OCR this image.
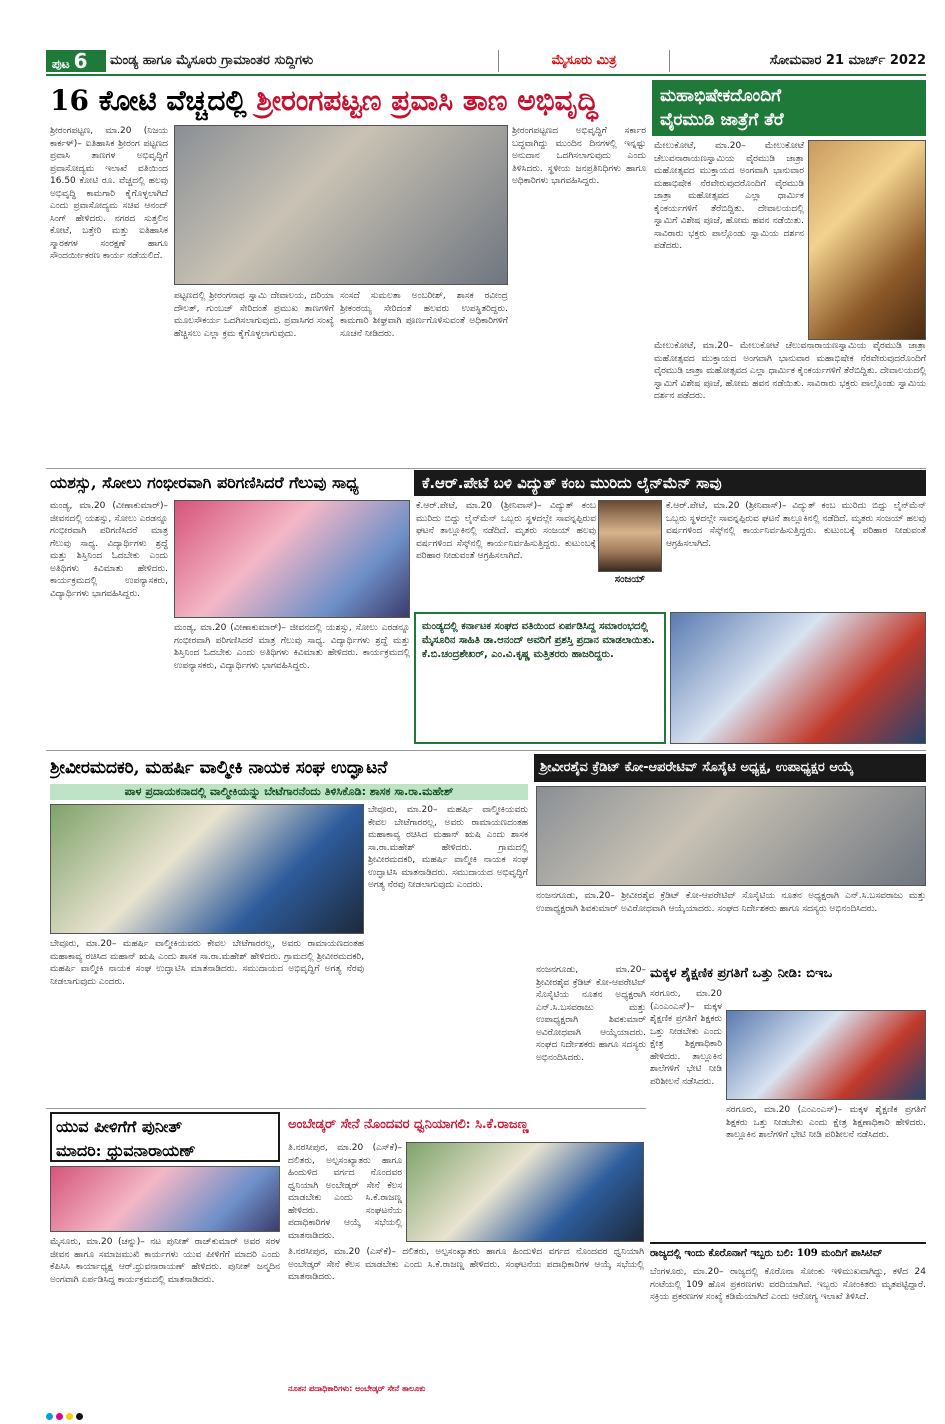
ಪುಟ 6	ಮಂಡ್ಯ ಹಾಗೂ ಮೈಸೂರು ಗ್ರಾಮಾಂತರ ಸುದ್ದಿಗಳು	ಮೈಸೂರು ಮಿತ್ರ	ಸೋಮವಾರ 21 ಮಾರ್ಚ್ 2022
16 ಕೋಟಿ ವೆಚ್ಚದಲ್ಲಿ ಶ್ರೀರಂಗಪಟ್ಟಣ ಪ್ರವಾಸಿ ತಾಣ ಅಭಿವೃದ್ಧಿ
ಶ್ರೀರಂಗಪಟ್ಟಣ, ಮಾ.20 (ನಿಜಯ ಕಾರ್ಕಳ್‌)– ಐತಿಹಾಸಿಕ ಶ್ರೀರಂಗ ಪಟ್ಟಣದ ಪ್ರವಾಸಿ ತಾಣಗಳ ಅಭಿವೃದ್ಧಿಗೆ ಪ್ರವಾಸೋದ್ಯಮ ಇಲಾಖೆ ವತಿಯಿಂದ 16.50 ಕೋಟಿ ರೂ. ವೆಚ್ಚದಲ್ಲಿ ಹಲವು ಅಭಿವೃದ್ಧಿ ಕಾಮಗಾರಿ ಕೈಗೊಳ್ಳಲಾಗಿದೆ ಎಂದು ಪ್ರವಾಸೋದ್ಯಮ ಸಚಿವ ಆನಂದ್ ಸಿಂಗ್ ಹೇಳಿದರು. ನಗರದ ಸುತ್ತಲಿನ ಕೋಟೆ, ಬತ್ತೇರಿ ಮತ್ತು ಐತಿಹಾಸಿಕ ಸ್ಮಾರಕಗಳ ಸಂರಕ್ಷಣೆ ಹಾಗೂ ಸೌಂದರ್ಯೀಕರಣ ಕಾರ್ಯ ನಡೆಯಲಿದೆ.
ಶ್ರೀರಂಗಪಟ್ಟಣದ ಅಭಿವೃದ್ಧಿಗೆ ಸರ್ಕಾರ ಬದ್ಧವಾಗಿದ್ದು ಮುಂದಿನ ದಿನಗಳಲ್ಲಿ ಇನ್ನಷ್ಟು ಅನುದಾನ ಒದಗಿಸಲಾಗುವುದು ಎಂದು ತಿಳಿಸಿದರು. ಸ್ಥಳೀಯ ಜನಪ್ರತಿನಿಧಿಗಳು ಹಾಗೂ ಅಧಿಕಾರಿಗಳು ಭಾಗವಹಿಸಿದ್ದರು.
ಪಟ್ಟಣದಲ್ಲಿ ಶ್ರೀರಂಗನಾಥ ಸ್ವಾಮಿ ದೇವಾಲಯ, ದರಿಯಾ ದೌಲತ್, ಗುಂಬಜ್ ಸೇರಿದಂತೆ ಪ್ರಮುಖ ತಾಣಗಳಿಗೆ ಮೂಲಸೌಕರ್ಯ ಒದಗಿಸಲಾಗುವುದು. ಪ್ರವಾಸಿಗರ ಸಂಖ್ಯೆ ಹೆಚ್ಚಿಸಲು ಎಲ್ಲಾ ಕ್ರಮ ಕೈಗೊಳ್ಳಲಾಗುವುದು.
ಸಂಸದೆ ಸುಮಲತಾ ಅಂಬರೀಶ್, ಶಾಸಕ ರವೀಂದ್ರ ಶ್ರೀಕಂಠಯ್ಯ ಸೇರಿದಂತೆ ಹಲವರು ಉಪಸ್ಥಿತರಿದ್ದರು. ಕಾಮಗಾರಿ ಶೀಘ್ರವಾಗಿ ಪೂರ್ಣಗೊಳಿಸುವಂತೆ ಅಧಿಕಾರಿಗಳಿಗೆ ಸೂಚನೆ ನೀಡಿದರು.
ಮಹಾಭಿಷೇಕದೊಂದಿಗೆ
ವೈರಮುಡಿ ಜಾತ್ರೆಗೆ ತೆರೆ
ಮೇಲುಕೋಟೆ, ಮಾ.20– ಮೇಲುಕೋಟೆ ಚೆಲುವನಾರಾಯಣಸ್ವಾಮಿಯ ವೈರಮುಡಿ ಜಾತ್ರಾ ಮಹೋತ್ಸವದ ಮುಕ್ತಾಯದ ಅಂಗವಾಗಿ ಭಾನುವಾರ ಮಹಾಭಿಷೇಕ ನೆರವೇರುವುದರೊಂದಿಗೆ ವೈರಮುಡಿ ಜಾತ್ರಾ ಮಹೋತ್ಸವದ ಎಲ್ಲಾ ಧಾರ್ಮಿಕ ಕೈಂಕರ್ಯಗಳಿಗೆ ತೆರೆಬಿದ್ದಿತು. ದೇವಾಲಯದಲ್ಲಿ ಸ್ವಾಮಿಗೆ ವಿಶೇಷ ಪೂಜೆ, ಹೋಮ ಹವನ ನಡೆಯಿತು. ಸಾವಿರಾರು ಭಕ್ತರು ಪಾಲ್ಗೊಂಡು ಸ್ವಾಮಿಯ ದರ್ಶನ ಪಡೆದರು.
ಮೇಲುಕೋಟೆ, ಮಾ.20– ಮೇಲುಕೋಟೆ ಚೆಲುವನಾರಾಯಣಸ್ವಾಮಿಯ ವೈರಮುಡಿ ಜಾತ್ರಾ ಮಹೋತ್ಸವದ ಮುಕ್ತಾಯದ ಅಂಗವಾಗಿ ಭಾನುವಾರ ಮಹಾಭಿಷೇಕ ನೆರವೇರುವುದರೊಂದಿಗೆ ವೈರಮುಡಿ ಜಾತ್ರಾ ಮಹೋತ್ಸವದ ಎಲ್ಲಾ ಧಾರ್ಮಿಕ ಕೈಂಕರ್ಯಗಳಿಗೆ ತೆರೆಬಿದ್ದಿತು. ದೇವಾಲಯದಲ್ಲಿ ಸ್ವಾಮಿಗೆ ವಿಶೇಷ ಪೂಜೆ, ಹೋಮ ಹವನ ನಡೆಯಿತು. ಸಾವಿರಾರು ಭಕ್ತರು ಪಾಲ್ಗೊಂಡು ಸ್ವಾಮಿಯ ದರ್ಶನ ಪಡೆದರು.
ಯಶಸ್ಸು, ಸೋಲು ಗಂಭೀರವಾಗಿ ಪರಿಗಣಿಸಿದರೆ ಗೆಲುವು ಸಾಧ್ಯ
ಮಂಡ್ಯ, ಮಾ.20 (ವೀಣಾಕುಮಾರ್)– ಜೀವನದಲ್ಲಿ ಯಶಸ್ಸು, ಸೋಲು ಎರಡನ್ನೂ ಗಂಭೀರವಾಗಿ ಪರಿಗಣಿಸಿದರೆ ಮಾತ್ರ ಗೆಲುವು ಸಾಧ್ಯ. ವಿದ್ಯಾರ್ಥಿಗಳು ಶ್ರದ್ಧೆ ಮತ್ತು ಶಿಸ್ತಿನಿಂದ ಓದಬೇಕು ಎಂದು ಅತಿಥಿಗಳು ಕಿವಿಮಾತು ಹೇಳಿದರು. ಕಾರ್ಯಕ್ರಮದಲ್ಲಿ ಉಪನ್ಯಾಸಕರು, ವಿದ್ಯಾರ್ಥಿಗಳು ಭಾಗವಹಿಸಿದ್ದರು.
ಮಂಡ್ಯ, ಮಾ.20 (ವೀಣಾಕುಮಾರ್)– ಜೀವನದಲ್ಲಿ ಯಶಸ್ಸು, ಸೋಲು ಎರಡನ್ನೂ ಗಂಭೀರವಾಗಿ ಪರಿಗಣಿಸಿದರೆ ಮಾತ್ರ ಗೆಲುವು ಸಾಧ್ಯ. ವಿದ್ಯಾರ್ಥಿಗಳು ಶ್ರದ್ಧೆ ಮತ್ತು ಶಿಸ್ತಿನಿಂದ ಓದಬೇಕು ಎಂದು ಅತಿಥಿಗಳು ಕಿವಿಮಾತು ಹೇಳಿದರು. ಕಾರ್ಯಕ್ರಮದಲ್ಲಿ ಉಪನ್ಯಾಸಕರು, ವಿದ್ಯಾರ್ಥಿಗಳು ಭಾಗವಹಿಸಿದ್ದರು.
ಕೆ.ಆರ್.ಪೇಟೆ ಬಳಿ ವಿದ್ಯುತ್ ಕಂಬ ಮುರಿದು ಲೈನ್‌ಮೆನ್ ಸಾವು
ಕೆ.ಆರ್.ಪೇಟೆ, ಮಾ.20 (ಶ್ರೀನಿವಾಸ್)– ವಿದ್ಯುತ್ ಕಂಬ ಮುರಿದು ಬಿದ್ದು ಲೈನ್‌ಮೆನ್ ಒಬ್ಬರು ಸ್ಥಳದಲ್ಲೇ ಸಾವನ್ನಪ್ಪಿರುವ ಘಟನೆ ತಾಲ್ಲೂಕಿನಲ್ಲಿ ನಡೆದಿದೆ. ಮೃತರು ಸಂಜಯ್ ಹಲವು ವರ್ಷಗಳಿಂದ ಸೆಸ್ಕ್‌ನಲ್ಲಿ ಕಾರ್ಯನಿರ್ವಹಿಸುತ್ತಿದ್ದರು. ಕುಟುಂಬಕ್ಕೆ ಪರಿಹಾರ ನೀಡುವಂತೆ ಆಗ್ರಹಿಸಲಾಗಿದೆ.
ಸಂಜಯ್
ಕೆ.ಆರ್.ಪೇಟೆ, ಮಾ.20 (ಶ್ರೀನಿವಾಸ್)– ವಿದ್ಯುತ್ ಕಂಬ ಮುರಿದು ಬಿದ್ದು ಲೈನ್‌ಮೆನ್ ಒಬ್ಬರು ಸ್ಥಳದಲ್ಲೇ ಸಾವನ್ನಪ್ಪಿರುವ ಘಟನೆ ತಾಲ್ಲೂಕಿನಲ್ಲಿ ನಡೆದಿದೆ. ಮೃತರು ಸಂಜಯ್ ಹಲವು ವರ್ಷಗಳಿಂದ ಸೆಸ್ಕ್‌ನಲ್ಲಿ ಕಾರ್ಯನಿರ್ವಹಿಸುತ್ತಿದ್ದರು. ಕುಟುಂಬಕ್ಕೆ ಪರಿಹಾರ ನೀಡುವಂತೆ ಆಗ್ರಹಿಸಲಾಗಿದೆ.
ಮಂಡ್ಯದಲ್ಲಿ ಕರ್ನಾಟಕ ಸಂಘದ ವತಿಯಿಂದ ಏರ್ಪಡಿಸಿದ್ದ ಸಮಾರಂಭದಲ್ಲಿ ಮೈಸೂರಿನ ಸಾಹಿತಿ ಡಾ.ಆನಂದ್ ಅವರಿಗೆ ಪ್ರಶಸ್ತಿ ಪ್ರದಾನ ಮಾಡಲಾಯಿತು. ಕೆ.ಬಿ.ಚಂದ್ರಶೇಖರ್, ಎಂ.ವಿ.ಕೃಷ್ಣ ಮತ್ತಿತರರು ಹಾಜರಿದ್ದರು.
ಶ್ರೀವೀರಮದಕರಿ, ಮಹರ್ಷಿ ವಾಲ್ಮೀಕಿ ನಾಯಕ ಸಂಘ ಉದ್ಘಾಟನೆ
ಪಾಳ ಪ್ರದಾಯಕನಾದಲ್ಲಿ ವಾಲ್ಮೀಕಿಯನ್ನು ಬೇಟೆಗಾರನೆಂದು ತಿಳಿಸಿಕೊಡಿ: ಶಾಸಕ ಸಾ.ರಾ.ಮಹೇಶ್
ಬೇವೂರು, ಮಾ.20– ಮಹರ್ಷಿ ವಾಲ್ಮೀಕಿಯವರು ಕೇವಲ ಬೇಟೆಗಾರರಲ್ಲ, ಅವರು ರಾಮಾಯಣದಂತಹ ಮಹಾಕಾವ್ಯ ರಚಿಸಿದ ಮಹಾನ್ ಋಷಿ ಎಂದು ಶಾಸಕ ಸಾ.ರಾ.ಮಹೇಶ್ ಹೇಳಿದರು. ಗ್ರಾಮದಲ್ಲಿ ಶ್ರೀವೀರಮದಕರಿ, ಮಹರ್ಷಿ ವಾಲ್ಮೀಕಿ ನಾಯಕ ಸಂಘ ಉದ್ಘಾಟಿಸಿ ಮಾತನಾಡಿದರು. ಸಮುದಾಯದ ಅಭಿವೃದ್ಧಿಗೆ ಅಗತ್ಯ ನೆರವು ನೀಡಲಾಗುವುದು ಎಂದರು.
ಬೇವೂರು, ಮಾ.20– ಮಹರ್ಷಿ ವಾಲ್ಮೀಕಿಯವರು ಕೇವಲ ಬೇಟೆಗಾರರಲ್ಲ, ಅವರು ರಾಮಾಯಣದಂತಹ ಮಹಾಕಾವ್ಯ ರಚಿಸಿದ ಮಹಾನ್ ಋಷಿ ಎಂದು ಶಾಸಕ ಸಾ.ರಾ.ಮಹೇಶ್ ಹೇಳಿದರು. ಗ್ರಾಮದಲ್ಲಿ ಶ್ರೀವೀರಮದಕರಿ, ಮಹರ್ಷಿ ವಾಲ್ಮೀಕಿ ನಾಯಕ ಸಂಘ ಉದ್ಘಾಟಿಸಿ ಮಾತನಾಡಿದರು. ಸಮುದಾಯದ ಅಭಿವೃದ್ಧಿಗೆ ಅಗತ್ಯ ನೆರವು ನೀಡಲಾಗುವುದು ಎಂದರು.
ಶ್ರೀವೀರಶೈವ ಕ್ರೆಡಿಟ್ ಕೋ-ಆಪರೇಟಿವ್ ಸೊಸೈಟಿ ಅಧ್ಯಕ್ಷ, ಉಪಾಧ್ಯಕ್ಷರ ಆಯ್ಕೆ
ನಂಜನಗೂಡು, ಮಾ.20– ಶ್ರೀವೀರಶೈವ ಕ್ರೆಡಿಟ್ ಕೋ-ಆಪರೇಟಿವ್ ಸೊಸೈಟಿಯ ನೂತನ ಅಧ್ಯಕ್ಷರಾಗಿ ಎನ್.ಸಿ.ಬಸವರಾಜು ಮತ್ತು ಉಪಾಧ್ಯಕ್ಷರಾಗಿ ಶಿವಕುಮಾರ್ ಅವಿರೋಧವಾಗಿ ಆಯ್ಕೆಯಾದರು. ಸಂಘದ ನಿರ್ದೇಶಕರು ಹಾಗೂ ಸದಸ್ಯರು ಅಭಿನಂದಿಸಿದರು.
ಮಕ್ಕಳ ಶೈಕ್ಷಣಿಕ ಪ್ರಗತಿಗೆ ಒತ್ತು ನೀಡಿ: ಬಿಇಒ
ಸರಗೂರು, ಮಾ.20 (ಎಂಎಂಎಸ್)– ಮಕ್ಕಳ ಶೈಕ್ಷಣಿಕ ಪ್ರಗತಿಗೆ ಶಿಕ್ಷಕರು ಒತ್ತು ನೀಡಬೇಕು ಎಂದು ಕ್ಷೇತ್ರ ಶಿಕ್ಷಣಾಧಿಕಾರಿ ಹೇಳಿದರು. ತಾಲ್ಲೂಕಿನ ಶಾಲೆಗಳಿಗೆ ಭೇಟಿ ನೀಡಿ ಪರಿಶೀಲನೆ ನಡೆಸಿದರು.
ನಂಜನಗೂಡು, ಮಾ.20– ಶ್ರೀವೀರಶೈವ ಕ್ರೆಡಿಟ್ ಕೋ-ಆಪರೇಟಿವ್ ಸೊಸೈಟಿಯ ನೂತನ ಅಧ್ಯಕ್ಷರಾಗಿ ಎನ್.ಸಿ.ಬಸವರಾಜು ಮತ್ತು ಉಪಾಧ್ಯಕ್ಷರಾಗಿ ಶಿವಕುಮಾರ್ ಅವಿರೋಧವಾಗಿ ಆಯ್ಕೆಯಾದರು. ಸಂಘದ ನಿರ್ದೇಶಕರು ಹಾಗೂ ಸದಸ್ಯರು ಅಭಿನಂದಿಸಿದರು.
ಸರಗೂರು, ಮಾ.20 (ಎಂಎಂಎಸ್)– ಮಕ್ಕಳ ಶೈಕ್ಷಣಿಕ ಪ್ರಗತಿಗೆ ಶಿಕ್ಷಕರು ಒತ್ತು ನೀಡಬೇಕು ಎಂದು ಕ್ಷೇತ್ರ ಶಿಕ್ಷಣಾಧಿಕಾರಿ ಹೇಳಿದರು. ತಾಲ್ಲೂಕಿನ ಶಾಲೆಗಳಿಗೆ ಭೇಟಿ ನೀಡಿ ಪರಿಶೀಲನೆ ನಡೆಸಿದರು.
ಯುವ ಪೀಳಿಗೆಗೆ ಪುನೀತ್
ಮಾದರಿ: ಧ್ರುವನಾರಾಯಣ್
ಮೈಸೂರು, ಮಾ.20 (ಚನ್ನು)– ನಟ ಪುನೀತ್ ರಾಜ್‌ಕುಮಾರ್ ಅವರ ಸರಳ ಜೀವನ ಹಾಗೂ ಸಮಾಜಮುಖಿ ಕಾರ್ಯಗಳು ಯುವ ಪೀಳಿಗೆಗೆ ಮಾದರಿ ಎಂದು ಕೆಪಿಸಿಸಿ ಕಾರ್ಯಾಧ್ಯಕ್ಷ ಆರ್.ಧ್ರುವನಾರಾಯಣ್ ಹೇಳಿದರು. ಪುನೀತ್ ಜನ್ಮದಿನ ಅಂಗವಾಗಿ ಏರ್ಪಡಿಸಿದ್ದ ಕಾರ್ಯಕ್ರಮದಲ್ಲಿ ಮಾತನಾಡಿದರು.
ಅಂಬೇಡ್ಕರ್ ಸೇನೆ ನೊಂದವರ ಧ್ವನಿಯಾಗಲಿ: ಸಿ.ಕೆ.ರಾಜಣ್ಣ
ತಿ.ನರಸೀಪುರ, ಮಾ.20 (ಎಸ್‌ಕೆ)– ದಲಿತರು, ಅಲ್ಪಸಂಖ್ಯಾತರು ಹಾಗೂ ಹಿಂದುಳಿದ ವರ್ಗದ ನೊಂದವರ ಧ್ವನಿಯಾಗಿ ಅಂಬೇಡ್ಕರ್ ಸೇನೆ ಕೆಲಸ ಮಾಡಬೇಕು ಎಂದು ಸಿ.ಕೆ.ರಾಜಣ್ಣ ಹೇಳಿದರು. ಸಂಘಟನೆಯ ಪದಾಧಿಕಾರಿಗಳ ಆಯ್ಕೆ ಸಭೆಯಲ್ಲಿ ಮಾತನಾಡಿದರು.
ತಿ.ನರಸೀಪುರ, ಮಾ.20 (ಎಸ್‌ಕೆ)– ದಲಿತರು, ಅಲ್ಪಸಂಖ್ಯಾತರು ಹಾಗೂ ಹಿಂದುಳಿದ ವರ್ಗದ ನೊಂದವರ ಧ್ವನಿಯಾಗಿ ಅಂಬೇಡ್ಕರ್ ಸೇನೆ ಕೆಲಸ ಮಾಡಬೇಕು ಎಂದು ಸಿ.ಕೆ.ರಾಜಣ್ಣ ಹೇಳಿದರು. ಸಂಘಟನೆಯ ಪದಾಧಿಕಾರಿಗಳ ಆಯ್ಕೆ ಸಭೆಯಲ್ಲಿ ಮಾತನಾಡಿದರು.
ನೂತನ ಪದಾಧಿಕಾರಿಗಳು: ಅಂಬೇಡ್ಕರ್ ಸೇನೆ ತಾಲೂಕು
ರಾಜ್ಯದಲ್ಲಿ ಇಂದು ಕೊರೊನಾಗೆ ಇಬ್ಬರು ಬಲಿ: 109 ಮಂದಿಗೆ ಪಾಸಿಟಿವ್
ಬೆಂಗಳೂರು, ಮಾ.20– ರಾಜ್ಯದಲ್ಲಿ ಕೊರೊನಾ ಸೋಂಕು ಇಳಿಮುಖವಾಗಿದ್ದು, ಕಳೆದ 24 ಗಂಟೆಯಲ್ಲಿ 109 ಹೊಸ ಪ್ರಕರಣಗಳು ವರದಿಯಾಗಿವೆ. ಇಬ್ಬರು ಸೋಂಕಿತರು ಮೃತಪಟ್ಟಿದ್ದಾರೆ. ಸಕ್ರಿಯ ಪ್ರಕರಣಗಳ ಸಂಖ್ಯೆ ಕಡಿಮೆಯಾಗಿದೆ ಎಂದು ಆರೋಗ್ಯ ಇಲಾಖೆ ತಿಳಿಸಿದೆ.
